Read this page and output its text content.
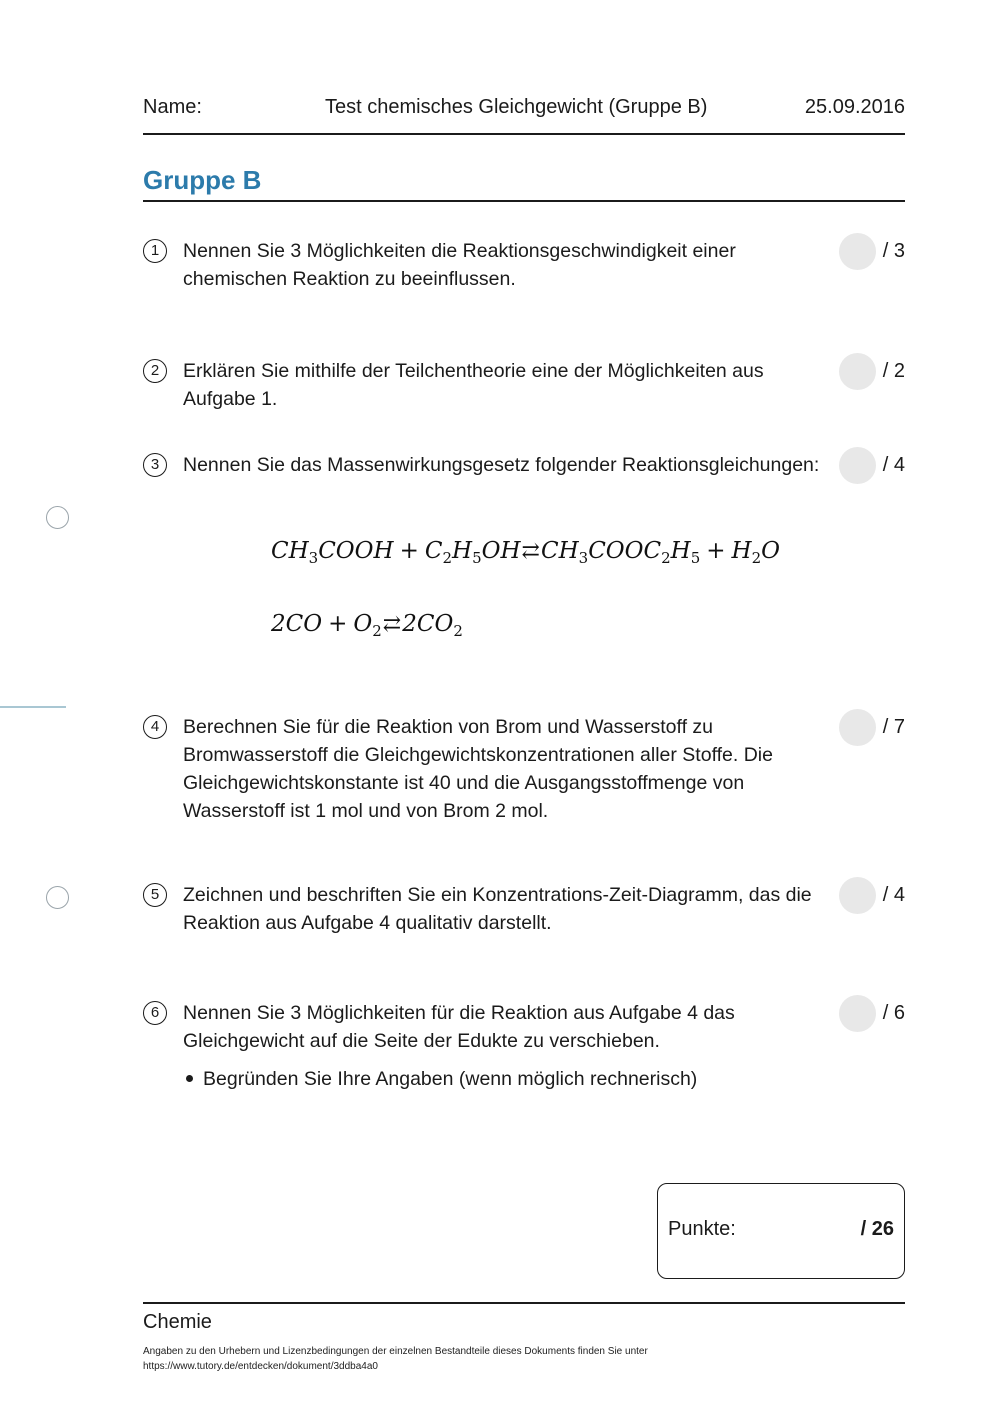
Name:	Test chemisches Gleichgewicht (Gruppe B)	25.09.2016
Gruppe B
1	Nennen Sie 3 Möglichkeiten die Reaktionsgeschwindigkeit einer chemischen Reaktion zu beeinflussen.
/ 3
2	Erklären Sie mithilfe der Teilchentheorie eine der Möglichkeiten aus Aufgabe 1.
/ 2
3	Nennen Sie das Massenwirkungsgesetz folgender Reaktionsgleichungen:	/ 4
$CH_3COOH$ + $C_2H_5OH⇄CH_3COOC_2H_5 + H_2O$
$2CO + O_2⇄2CO_2$
4	Berechnen Sie für die Reaktion von Brom und Wasserstoff zu Bromwasserstoff die Gleichgewichtskonzentrationen aller Stoffe. Die Gleichgewichtskonstante ist 40 und die Ausgangsstoffmenge von Wasserstoff ist 1 mol und von Brom 2 mol.
/ 7
5	Zeichnen und beschriften Sie ein Konzentrations-Zeit-Diagramm, das die Reaktion aus Aufgabe 4 qualitativ darstellt.
/ 4
6	Nennen Sie 3 Möglichkeiten für die Reaktion aus Aufgabe 4 das Gleichgewicht auf die Seite der Edukte zu verschieben.
/ 6
Begründen Sie Ihre Angaben (wenn möglich rechnerisch)
Punkte:	/ 26
Chemie
Angaben zu den Urhebern und Lizenzbedingungen der einzelnen Bestandteile dieses Dokuments finden Sie unter
https://www.tutory.de/entdecken/dokument/3ddba4a0
